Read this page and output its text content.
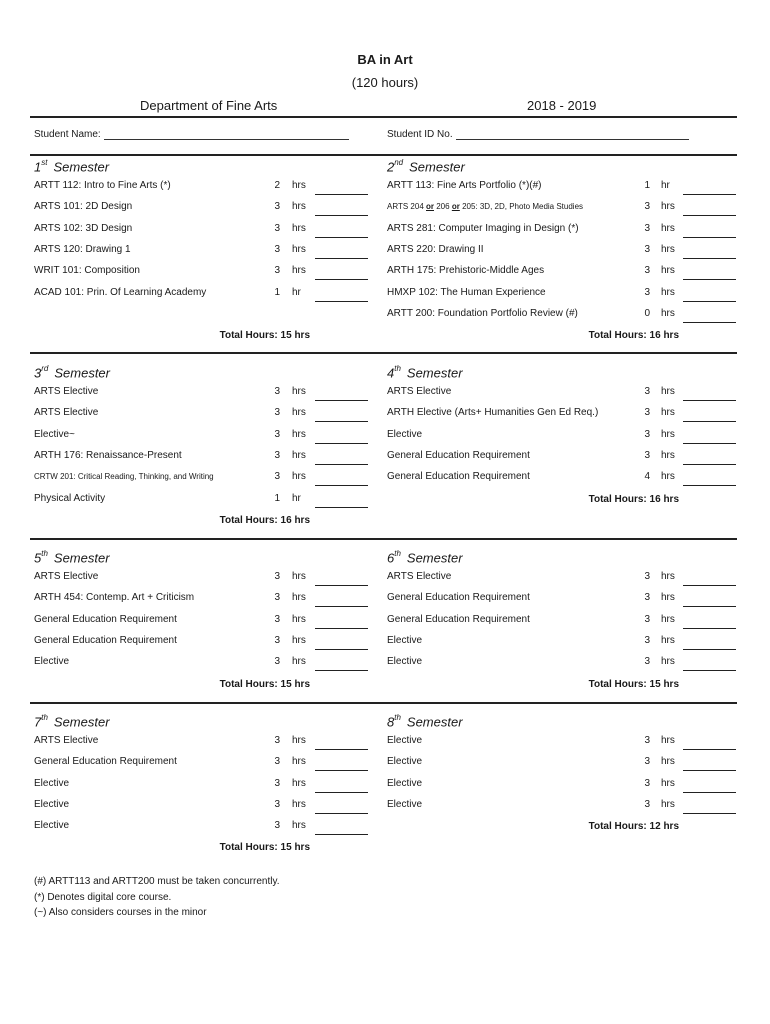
BA in Art
(120 hours)
Department of Fine Arts	2018 - 2019
Student Name:	Student ID No.
1st Semester
ARTT 112: Intro to Fine Arts (*)	2 hrs
ARTS 101: 2D Design	3 hrs
ARTS 102: 3D Design	3 hrs
ARTS 120: Drawing 1	3 hrs
WRIT 101: Composition	3 hrs
ACAD 101: Prin. Of Learning Academy	1 hr
Total Hours: 15 hrs
2nd Semester
ARTT 113: Fine Arts Portfolio (*)(#)	1 hr
ARTS 204 or 206 or 205: 3D, 2D, Photo Media Studies	3 hrs
ARTS 281: Computer Imaging in Design (*)	3 hrs
ARTS 220: Drawing II	3 hrs
ARTH 175: Prehistoric-Middle Ages	3 hrs
HMXP 102: The Human Experience	3 hrs
ARTT 200: Foundation Portfolio Review (#)	0 hrs
Total Hours: 16 hrs
3rd Semester
ARTS Elective	3 hrs
ARTS Elective	3 hrs
Elective~	3 hrs
ARTH 176: Renaissance-Present	3 hrs
CRTW 201: Critical Reading, Thinking, and Writing	3 hrs
Physical Activity	1 hr
Total Hours: 16 hrs
4th Semester
ARTS Elective	3 hrs
ARTH Elective (Arts+ Humanities Gen Ed Req.)	3 hrs
Elective	3 hrs
General Education Requirement	3 hrs
General Education Requirement	4 hrs
Total Hours: 16 hrs
5th Semester
ARTS Elective	3 hrs
ARTH 454: Contemp. Art + Criticism	3 hrs
General Education Requirement	3 hrs
General Education Requirement	3 hrs
Elective	3 hrs
Total Hours: 15 hrs
6th Semester
ARTS Elective	3 hrs
General Education Requirement	3 hrs
General Education Requirement	3 hrs
Elective	3 hrs
Elective	3 hrs
Total Hours: 15 hrs
7th Semester
ARTS Elective	3 hrs
General Education Requirement	3 hrs
Elective	3 hrs
Elective	3 hrs
Elective	3 hrs
Total Hours: 15 hrs
8th Semester
Elective	3 hrs
Elective	3 hrs
Elective	3 hrs
Elective	3 hrs
Total Hours: 12 hrs
(#) ARTT113 and ARTT200 must be taken concurrently.
(*) Denotes digital core course.
(~) Also considers courses in the minor
